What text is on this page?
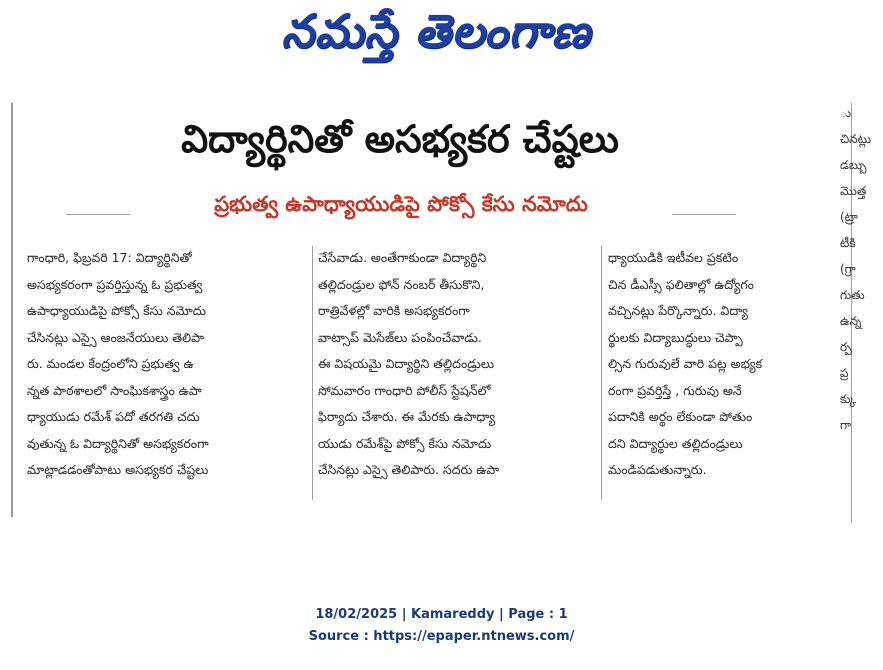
నమస్తే తెలంగాణ
విద్యార్థినితో అసభ్యకర చేష్టలు
ప్రభుత్వ ఉపాధ్యాయుడిపై పోక్సో కేసు నమోదు
గాంధారి, ఫిబ్రవరి 17: విద్యార్థినితో
అసభ్యకరంగా ప్రవర్తిస్తున్న ఓ ప్రభుత్వ
ఉపాధ్యాయుడిపై పోక్సో కేసు నమోదు
చేసినట్లు ఎస్సై ఆంజనేయులు తెలిపా
రు. మండల కేంద్రంలోని ప్రభుత్వ ఉ
న్నత పాఠశాలలో సాంఘికశాస్త్రం ఉపా
ధ్యాయుడు రమేశ్ పదో తరగతి చదు
వుతున్న ఓ విద్యార్థినితో అసభ్యకరంగా
మాట్లాడడంతోపాటు అసభ్యకర చేష్టలు
చేసేవాడు. అంతేగాకుండా విద్యార్థిని
తల్లిదండ్రుల ఫోన్ నంబర్ తీసుకొని,
రాత్రివేళల్లో వారికి అసభ్యకరంగా
వాట్సాప్ మెసేజ్‌లు పంపించేవాడు.
ఈ విషయమై విద్యార్థిని తల్లిదండ్రులు
సోమవారం గాంధారి పోలీస్ స్టేషన్‌లో
ఫిర్యాదు చేశారు. ఈ మేరకు ఉపాధ్యా
యుడు రమేశ్‌పై పోక్సో కేసు నమోదు
చేసినట్లు ఎస్సై తెలిపారు. సదరు ఉపా
ధ్యాయుడికి ఇటీవల ప్రకటిం
చిన డీఎస్సీ ఫలితాల్లో ఉద్యోగం
వచ్చినట్లు పేర్కొన్నారు. విద్యా
ర్థులకు విద్యాబుద్ధులు చెప్పా
ల్సిన గురువులే వారి పట్ల అభ్యక
రంగా ప్రవర్తిస్తే , గురువు అనే
పదానికి అర్థం లేకుండా పోతుం
దని విద్యార్థుల తల్లిదండ్రులు
మండిపడుతున్నారు.
ు
చినట్లు
డబ్బు
మొత్త
(ట్రా
టీకి
(గ్రా
గుతు
ఉన్న
ర్ప
ప్ర
క్కు
గా
18/02/2025 | Kamareddy | Page : 1
Source : https://epaper.ntnews.com/
